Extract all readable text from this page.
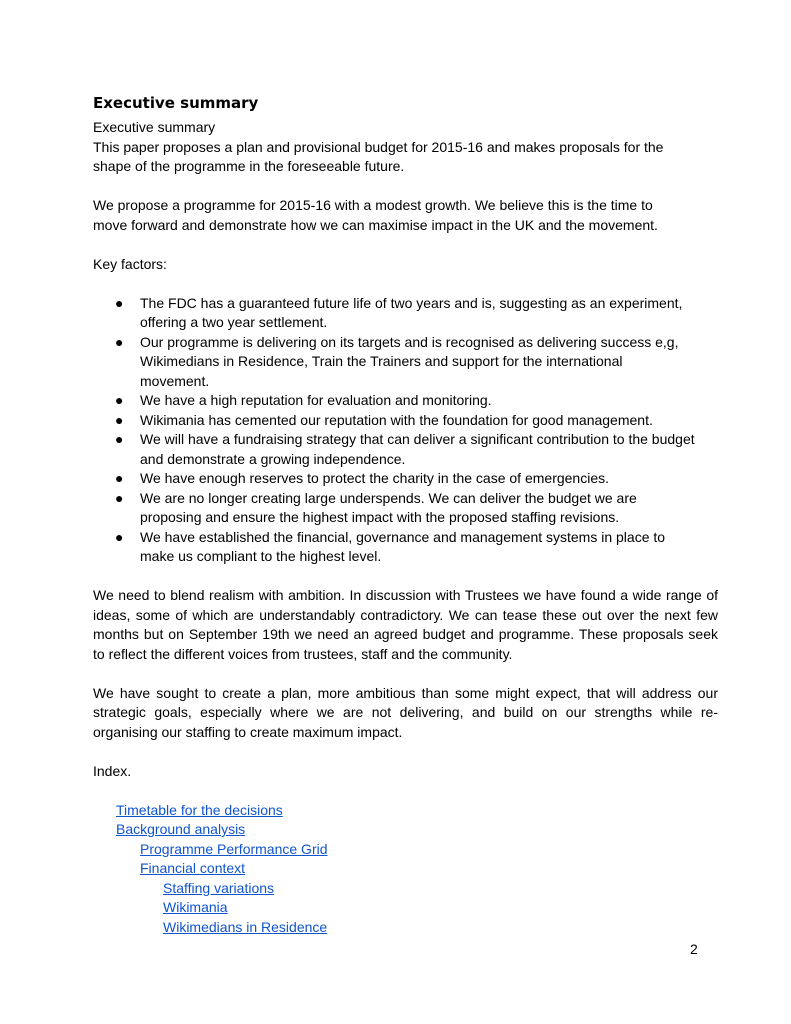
Executive summary

Executive summary

This paper proposes a plan and provisional budget for 2015-16 and makes proposals for the

shape of the programme in the foreseeable future.

We propose a programme for 2015-16 with a modest growth. We believe this is the time to

move forward and demonstrate how we can maximise impact in the UK and the movement.

Key factors:

● The FDC has a guaranteed future life of two years and is, suggesting as an experiment,
offering a two year settlement.
● Our programme is delivering on its targets and is recognised as delivering success e,g,
Wikimedians in Residence, Train the Trainers and support for the international
movement.
● We have a high reputation for evaluation and monitoring.
● Wikimania has cemented our reputation with the foundation for good management.
● We will have a fundraising strategy that can deliver a significant contribution to the budget
and demonstrate a growing independence.
● We have enough reserves to protect the charity in the case of emergencies.
● We are no longer creating large underspends. We can deliver the budget we are
proposing and ensure the highest impact with the proposed staffing revisions.
● We have established the financial, governance and management systems in place to
make us compliant to the highest level.

We need to blend realism with ambition. In discussion with Trustees we have found a wide range of ideas, some of which are understandably contradictory. We can tease these out over the next few months but on September 19th we need an agreed budget and programme. These proposals seek to reflect the different voices from trustees, staff and the community.

We have sought to create a plan, more ambitious than some might expect, that will address our strategic goals, especially where we are not delivering, and build on our strengths while re-organising our staffing to create maximum impact.

Index.

Timetable for the decisions
Background analysis
Programme Performance Grid
Financial context
Staffing variations
Wikimania
Wikimedians in Residence
2
